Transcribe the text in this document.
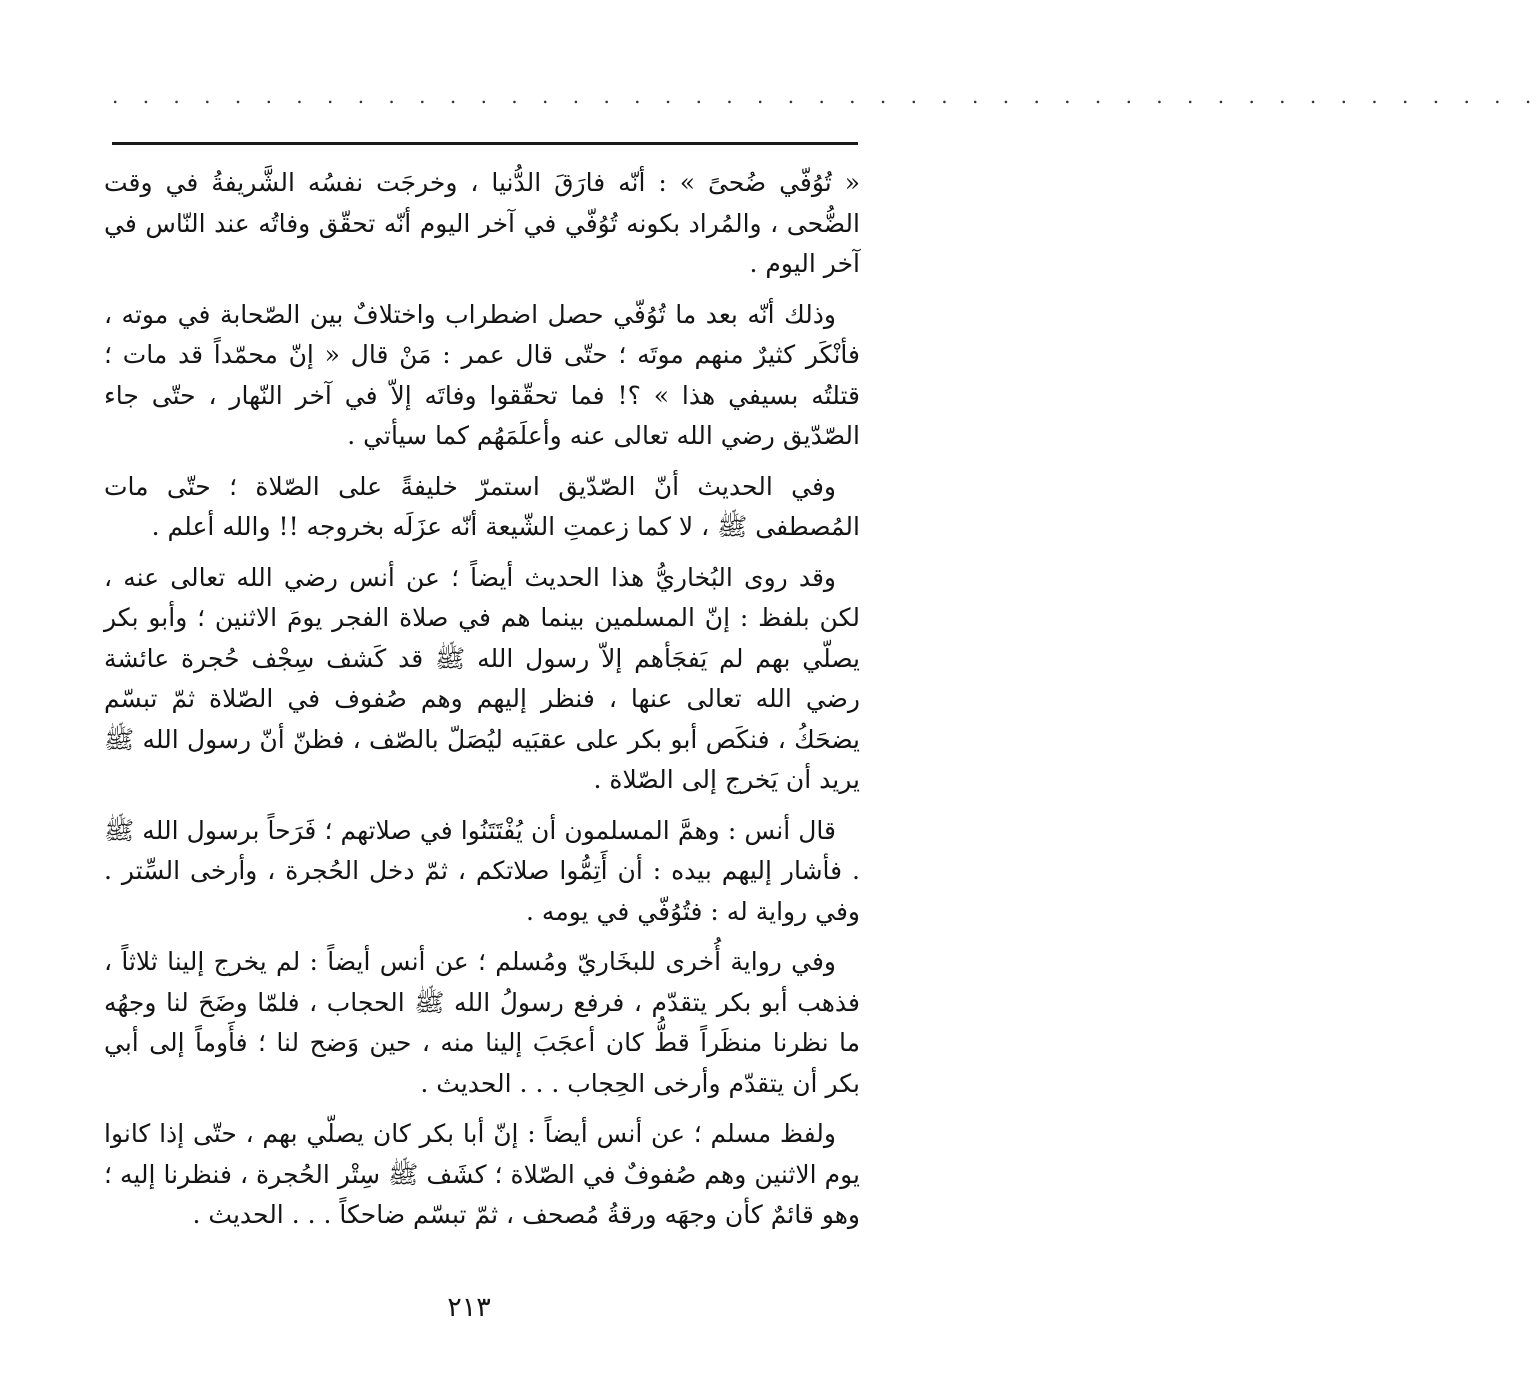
. . . . . . . . . . . . . . . . . . . . . . . . . . . . . . . . . . . . . . . . . . . . . . .

« تُوُفّي ضُحىً » : أنّه فارَقَ الدُّنيا ، وخرجَت نفسُه الشَّريفةُ في وقت الضُّحى ، والمُراد بكونه تُوُفّي في آخر اليوم أنّه تحقّق وفاتُه عند النّاس في آخر اليوم .

وذلك أنّه بعد ما تُوُفّي حصل اضطراب واختلافٌ بين الصّحابة في موته ، فأنْكَر كثيرٌ منهم موتَه ؛ حتّى قال عمر : مَنْ قال « إنّ محمّداً قد مات ؛ قتلتُه بسيفي هذا » ؟! فما تحقّقوا وفاتَه إلاّ في آخر النّهار ، حتّى جاء الصّدّيق رضي الله تعالى عنه وأعلَمَهُم كما سيأتي .

وفي الحديث أنّ الصّدّيق استمرّ خليفةً على الصّلاة ؛ حتّى مات المُصطفى ﷺ ، لا كما زعمتِ الشّيعة أنّه عزَلَه بخروجه !! والله أعلم .

وقد روى البُخاريُّ هذا الحديث أيضاً ؛ عن أنس رضي الله تعالى عنه ، لكن بلفظ : إنّ المسلمين بينما هم في صلاة الفجر يومَ الاثنين ؛ وأبو بكر يصلّي بهم لم يَفجَأهم إلاّ رسول الله ﷺ قد كَشف سِجْف حُجرة عائشة رضي الله تعالى عنها ، فنظر إليهم وهم صُفوف في الصّلاة ثمّ تبسّم يضحَكُ ، فنكَص أبو بكر على عقبَيه ليُصَلّ بالصّف ، فظنّ أنّ رسول الله ﷺ يريد أن يَخرج إلى الصّلاة .

قال أنس : وهمَّ المسلمون أن يُفْتَتَنُوا في صلاتهم ؛ فَرَحاً برسول الله ﷺ . فأشار إليهم بيده : أن أَتِمُّوا صلاتكم ، ثمّ دخل الحُجرة ، وأرخى السِّتر . وفي رواية له : فتُوُفّي في يومه .

وفي رواية أُخرى للبخَاريّ ومُسلم ؛ عن أنس أيضاً : لم يخرج إلينا ثلاثاً ، فذهب أبو بكر يتقدّم ، فرفع رسولُ الله ﷺ الحجاب ، فلمّا وضَحَ لنا وجهُه ما نظرنا منظَراً قطُّ كان أعجَبَ إلينا منه ، حين وَضح لنا ؛ فأَوماً إلى أبي بكر أن يتقدّم وأرخى الحِجاب . . . الحديث .

ولفظ مسلم ؛ عن أنس أيضاً : إنّ أبا بكر كان يصلّي بهم ، حتّى إذا كانوا يوم الاثنين وهم صُفوفٌ في الصّلاة ؛ كشَف ﷺ سِتْر الحُجرة ، فنظرنا إليه ؛ وهو قائمٌ كأن وجهَه ورقةُ مُصحف ، ثمّ تبسّم ضاحكاً . . . الحديث .

٢١٣
